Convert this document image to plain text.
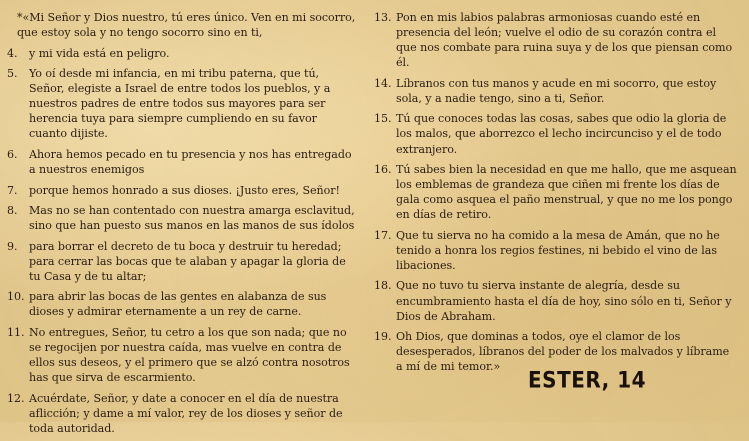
*«Mi Señor y Dios nuestro, tú eres único. Ven en mi socorro, que estoy sola y no tengo socorro sino en ti,
4.	y mi vida está en peligro.
5.	Yo oí desde mi infancia, en mi tribu paterna, que tú, Señor, elegiste a Israel de entre todos los pueblos, y a nuestros padres de entre todos sus mayores para ser herencia tuya para siempre cumpliendo en su favor cuanto dijiste.
6.	Ahora hemos pecado en tu presencia y nos has entregado a nuestros enemigos
7.	porque hemos honrado a sus dioses. ¡Justo eres, Señor!
8.	Mas no se han contentado con nuestra amarga esclavitud, sino que han puesto sus manos en las manos de sus ídolos
9.	para borrar el decreto de tu boca y destruir tu heredad; para cerrar las bocas que te alaban y apagar la gloria de tu Casa y de tu altar;
10. para abrir las bocas de las gentes en alabanza de sus dioses y admirar eternamente a un rey de carne.
11. No entregues, Señor, tu cetro a los que son nada; que no se regocijen por nuestra caída, mas vuelve en contra de ellos sus deseos, y el primero que se alzó contra nosotros has que sirva de escarmiento.
12. Acuérdate, Señor, y date a conocer en el día de nuestra aflicción; y dame a mí valor, rey de los dioses y señor de toda autoridad.
13. Pon en mis labios palabras armoniosas cuando esté en presencia del león; vuelve el odio de su corazón contra el que nos combate para ruina suya y de los que piensan como él.
14. Líbranos con tus manos y acude en mi socorro, que estoy sola, y a nadie tengo, sino a ti, Señor.
15. Tú que conoces todas las cosas, sabes que odio la gloria de los malos, que aborrezco el lecho incircunciso y el de todo extranjero.
16. Tú sabes bien la necesidad en que me hallo, que me asquean los emblemas de grandeza que ciñen mi frente los días de gala como asquea el paño menstrual, y que no me los pongo en días de retiro.
17. Que tu sierva no ha comido a la mesa de Amán, que no he tenido a honra los regios festines, ni bebido el vino de las libaciones.
18. Que no tuvo tu sierva instante de alegría, desde su encumbramiento hasta el día de hoy, sino sólo en ti, Señor y Dios de Abraham.
19. Oh Dios, que dominas a todos, oye el clamor de los desesperados, líbranos del poder de los malvados y líbrame a mí de mi temor.»	ESTER, 14
